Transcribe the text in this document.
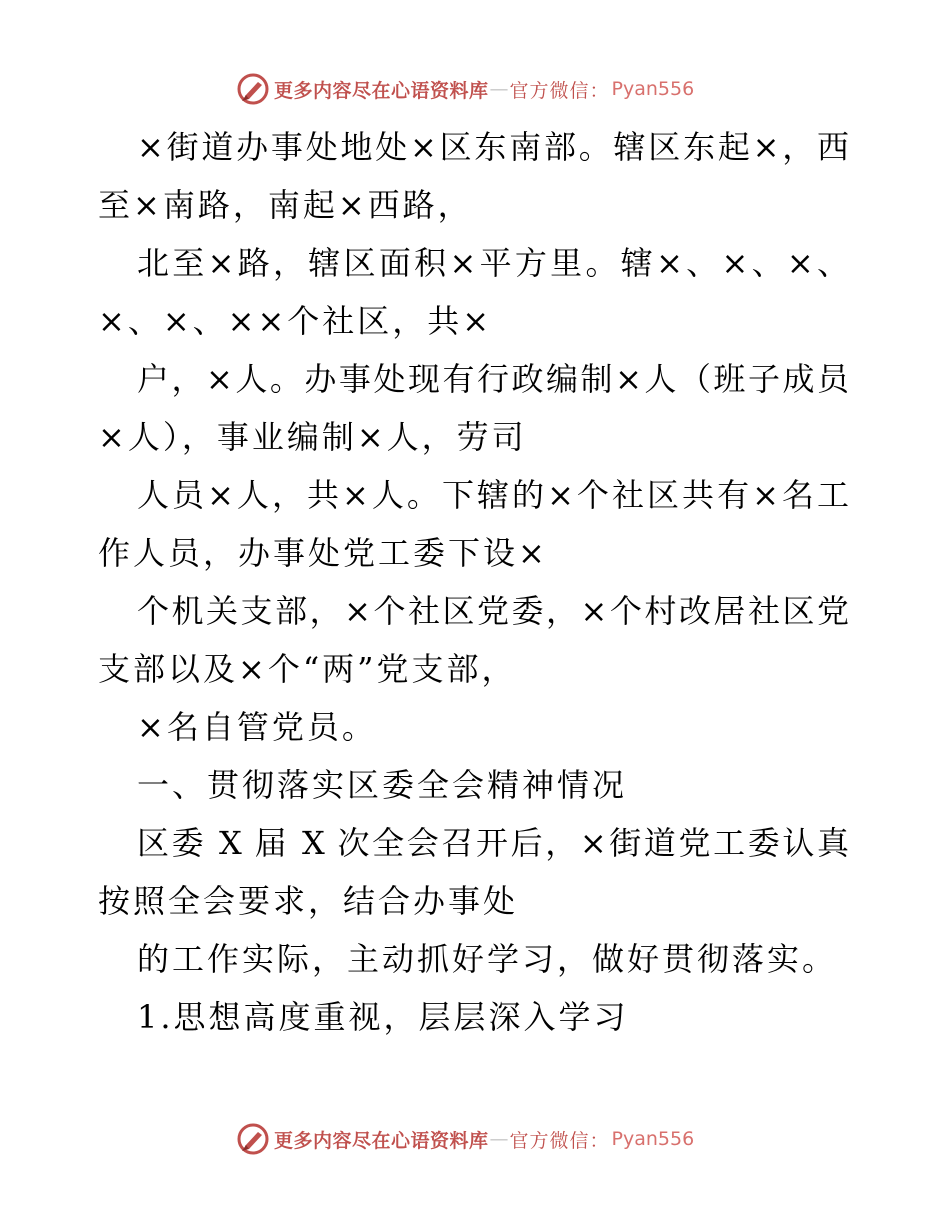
更多内容尽在心语资料库 — 官方微信： Pyan556
×街道办事处地处×区东南部。辖区东起×，西
至×南路，南起×西路，
北至×路，辖区面积×平方里。辖×、×、×、
×、×、××个社区，共×
户，×人。办事处现有行政编制×人（班子成员
×人），事业编制×人，劳司
人员×人，共×人。下辖的×个社区共有×名工
作人员，办事处党工委下设×
个机关支部，×个社区党委，×个村改居社区党
支部以及×个“两”党支部，
×名自管党员。
一、贯彻落实区委全会精神情况
区委 X 届 X 次全会召开后，×街道党工委认真
按照全会要求，结合办事处
的工作实际，主动抓好学习，做好贯彻落实。
1.思想高度重视，层层深入学习
更多内容尽在心语资料库 — 官方微信： Pyan556
